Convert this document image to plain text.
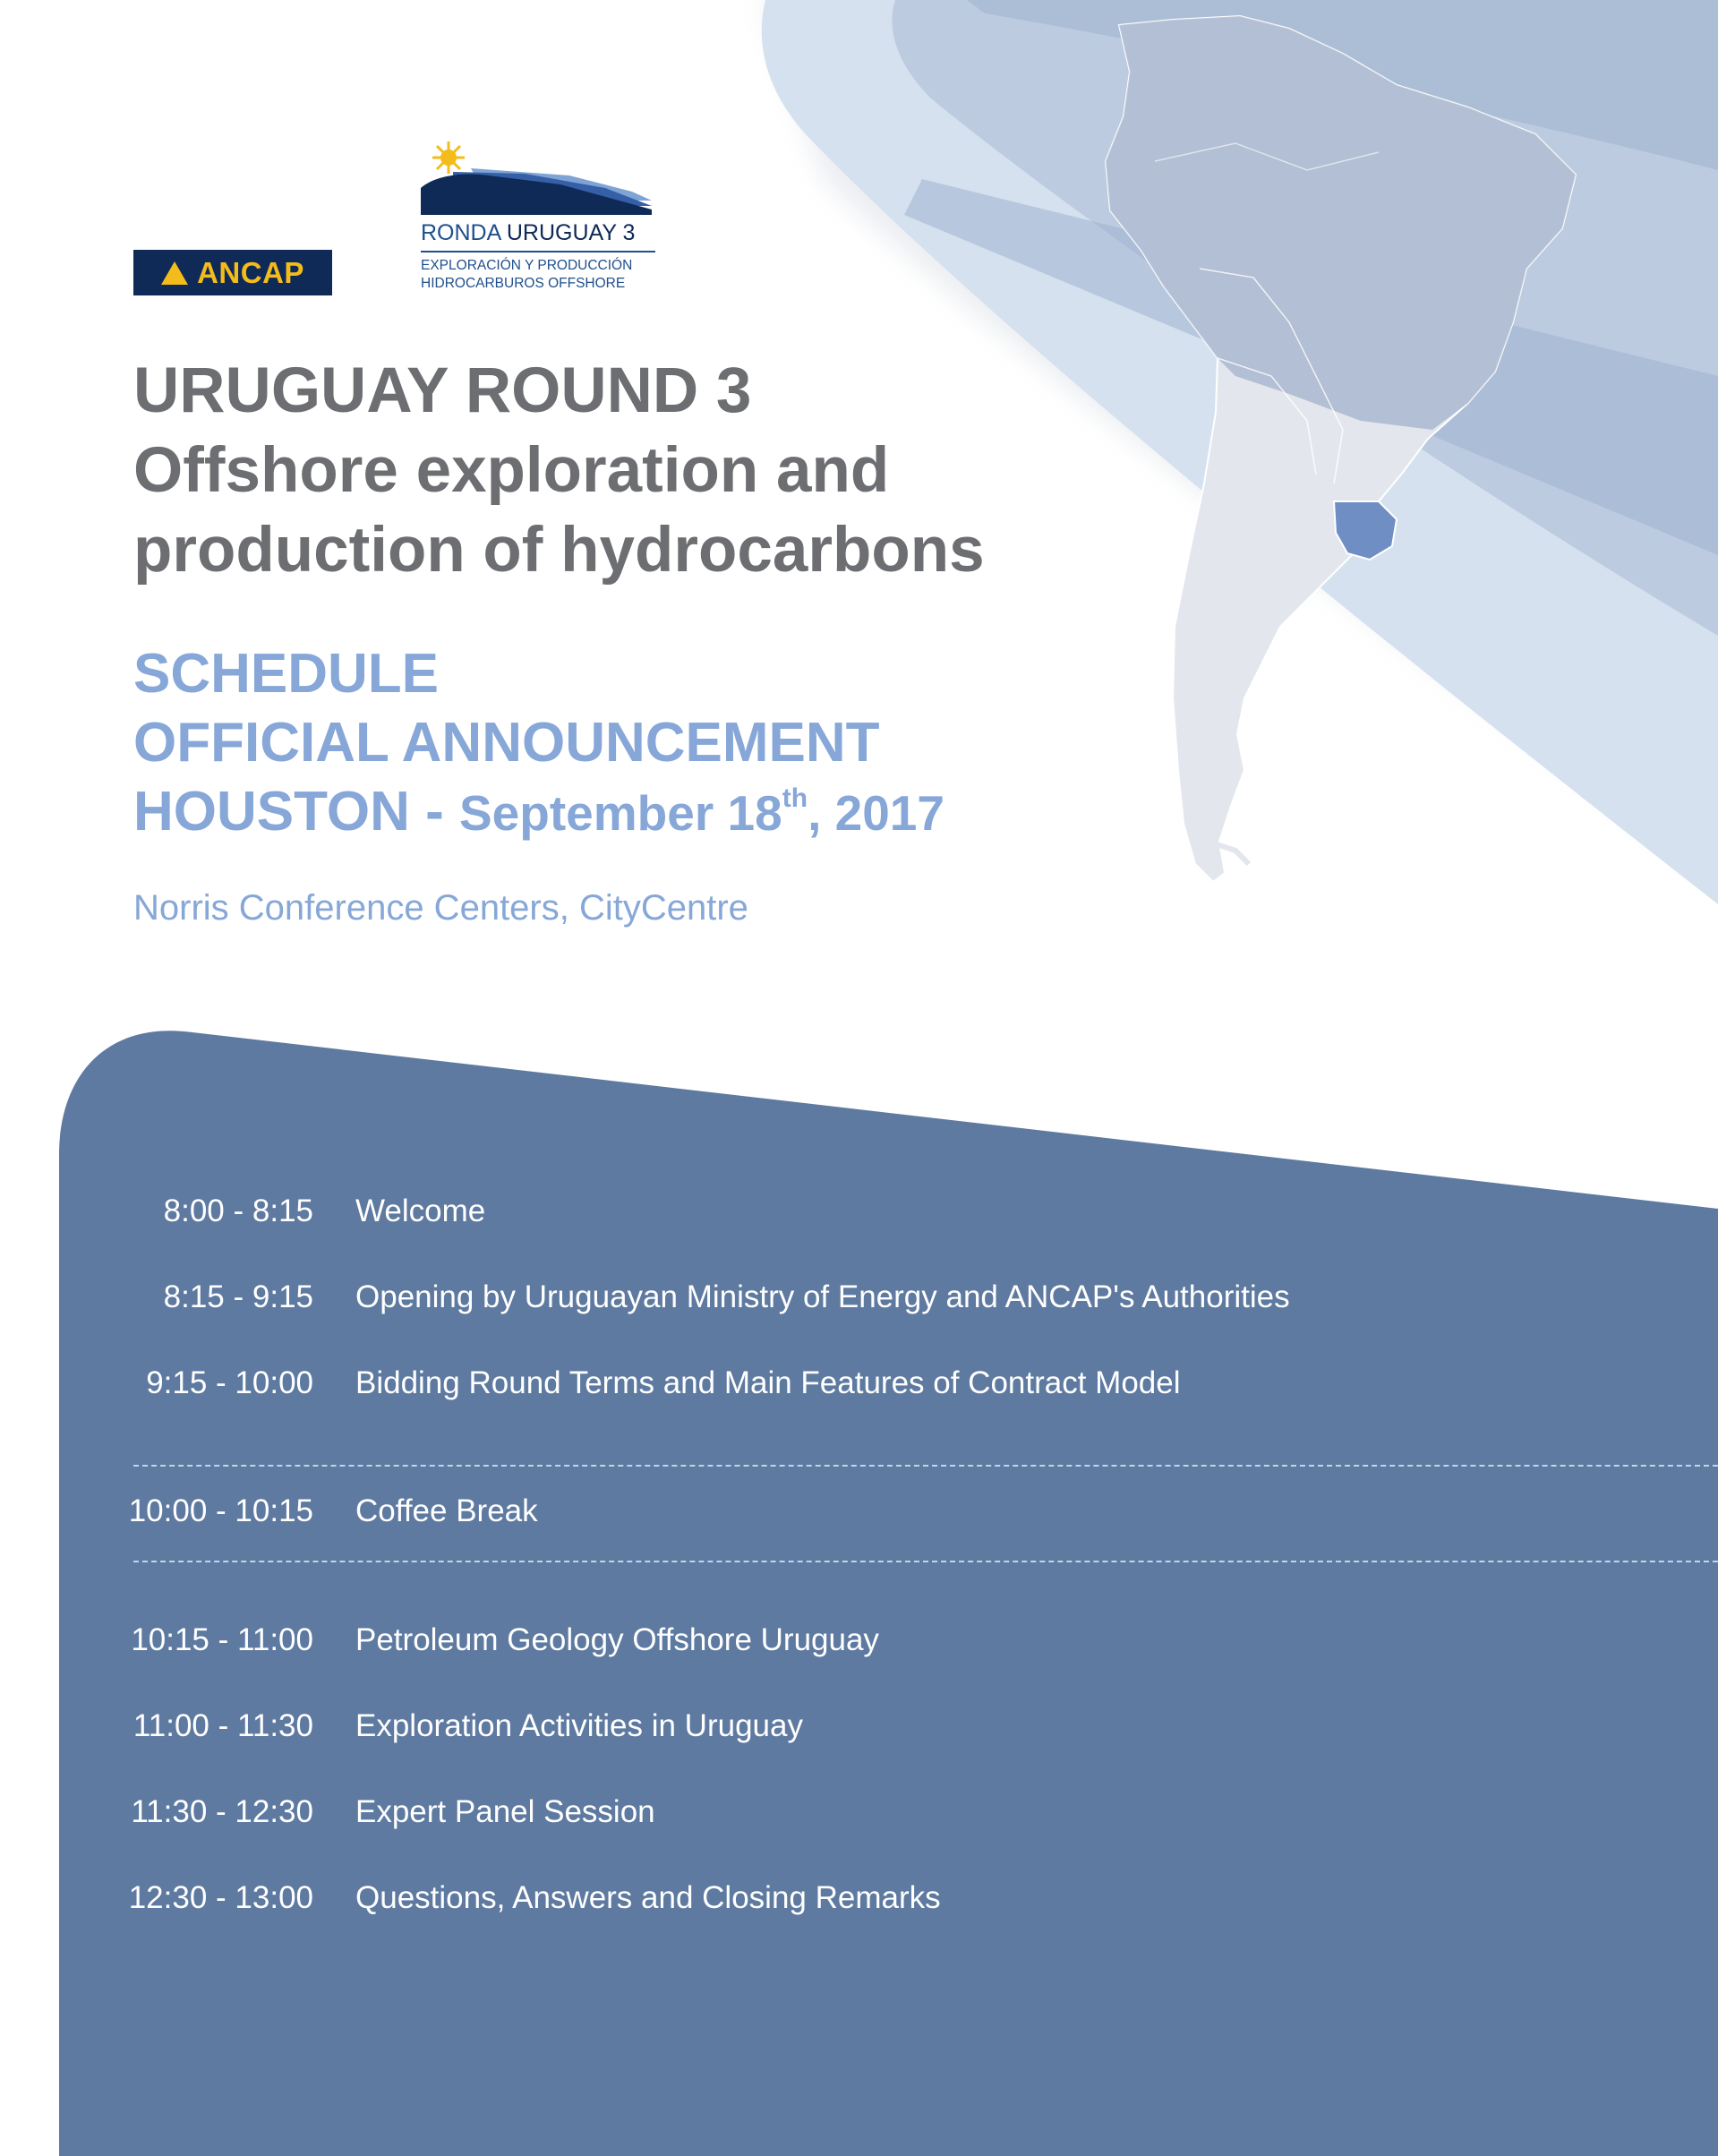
ANCAP
RONDA URUGUAY 3
EXPLORACIÓN Y PRODUCCIÓN
HIDROCARBUROS OFFSHORE
URUGUAY ROUND 3
Offshore exploration and
production of hydrocarbons
SCHEDULE
OFFICIAL ANNOUNCEMENT
HOUSTON - September 18th, 2017
Norris Conference Centers, CityCentre
8:00 - 8:15 Welcome
8:15 - 9:15 Opening by Uruguayan Ministry of Energy and ANCAP's Authorities
9:15 - 10:00 Bidding Round Terms and Main Features of Contract Model
10:00 - 10:15 Coffee Break
10:15 - 11:00 Petroleum Geology Offshore Uruguay
11:00 - 11:30 Exploration Activities in Uruguay
11:30 - 12:30 Expert Panel Session
12:30 - 13:00 Questions, Answers and Closing Remarks
